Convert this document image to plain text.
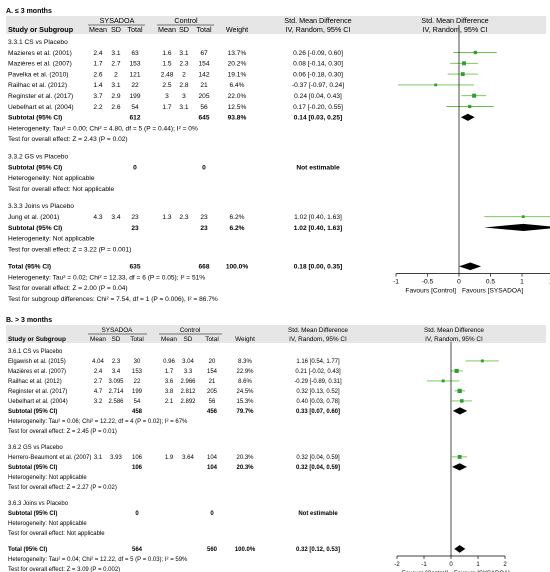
A. ≤ 3 months
SYSADOA	Control	Std. Mean Difference	Std. Mean Difference
Study or Subgroup Mean SD Total Mean SD Total Weight	IV, Random, 95% CI	IV, Random, 95% CI
3.3.1 CS vs Placebo
Mazieres et al. (2001)	2.4 3.1 63	1.6 3.1 67	13.7%	0.26 [-0.09, 0.60]
Mazières et al. (2007)	1.7 2.7 153	1.5 2.3 154	20.2%	0.08 [-0.14, 0.30]
Pavelka et al. (2010)	2.6 2 121	2.48 2 142	19.1%	0.06 [-0.18, 0.30]
Railhac et al. (2012)	1.4 3.1 22	2.5 2.8 21	6.4%	-0.37 [-0.97, 0.24]
Reginster et al. (2017)	3.7 2.9 199	3 3 205	22.0%	0.24 [0.04, 0.43]
Uebelhart et al. (2004)	2.2 2.6 54	1.7 3.1 56	12.5%	0.17 [-0.20, 0.55]
Subtotal (95% CI)	612	645	93.8%	0.14 [0.03, 0.25]
Heterogeneity: Tau² = 0.00; Chi² = 4.80, df = 5 (P = 0.44); I² = 0%
Test for overall effect: Z = 2.43 (P = 0.02)
3.3.2 GS vs Placebo
Subtotal (95% CI)	0	0	Not estimable
Heterogeneity: Not applicable
Test for overall effect: Not applicable
3.3.3 Joins vs Placebo
Jung et al. (2001)	4.3 3.4 23	1.3 2.3 23	6.2%	1.02 [0.40, 1.63]
Subtotal (95% CI)	23	23	6.2%	1.02 [0.40, 1.63]
Heterogeneity: Not applicable
Test for overall effect: Z = 3.22 (P = 0.001)
Total (95% CI)	635	668 100.0%	0.18 [0.00, 0.35]
Heterogeneity: Tau² = 0.02; Chi² = 12.33, df = 6 (P = 0.05); I² = 51%
Test for overall effect: Z = 2.00 (P = 0.04)
Test for subgroup differences: Chi² = 7.54, df = 1 (P = 0.006), I² = 86.7%
-1	-0.5	0	0.5	1
Favours [Control] Favours [SYSADOA]
B. > 3 months
SYSADOA	Control	Std. Mean Difference	Std. Mean Difference
Study or Subgroup	Mean SD Total	Mean SD Total	Weight	IV, Random, 95% CI	IV, Random, 95% CI
3.6.1 CS vs Placebo
Elgawish et al. (2015)	4.04 2.3 30	0.96 3.04 20	8.3%	1.16 [0.54, 1.77]
Mazières et al. (2007)	2.4 3.4 153	1.7 3.3 154	22.9%	0.21 [-0.02, 0.43]
Railhac et al. (2012)	2.7 3.095 22	3.6 2.966 21	8.6%	-0.29 [-0.89, 0.31]
Reginster et al. (2017)	4.7 2.714 199	3.8 2.812 205	24.5%	0.32 [0.13, 0.52]
Uebelhart et al. (2004)	3.2 2.586 54	2.1 2.892 56	15.3%	0.40 [0.03, 0.78]
Subtotal (95% CI)	458	456	79.7%	0.33 [0.07, 0.60]
Heterogeneity: Tau² = 0.06; Chi² = 12.22, df = 4 (P = 0.02); I² = 67%
Test for overall effect: Z = 2.45 (P = 0.01)
3.6.2 GS vs Placebo
Herrero-Beaumont et al. (2007) 3.1 3.93 106	1.9 3.64 104	20.3%	0.32 [0.04, 0.59]
Subtotal (95% CI)	106	104	20.3%	0.32 [0.04, 0.59]
Heterogeneity: Not applicable
Test for overall effect: Z = 2.27 (P = 0.02)
3.6.3 Joins vs Placebo
Subtotal (95% CI)	0	0	Not estimable
Heterogeneity: Not applicable
Test for overall effect: Not applicable
Total (95% CI)	564	560	100.0%	0.32 [0.12, 0.53]
Heterogeneity: Tau² = 0.04; Chi² = 12.22, df = 5 (P = 0.03); I² = 59%
Test for overall effect: Z = 3.09 (P = 0.002)
-2	-1	0	1	2
